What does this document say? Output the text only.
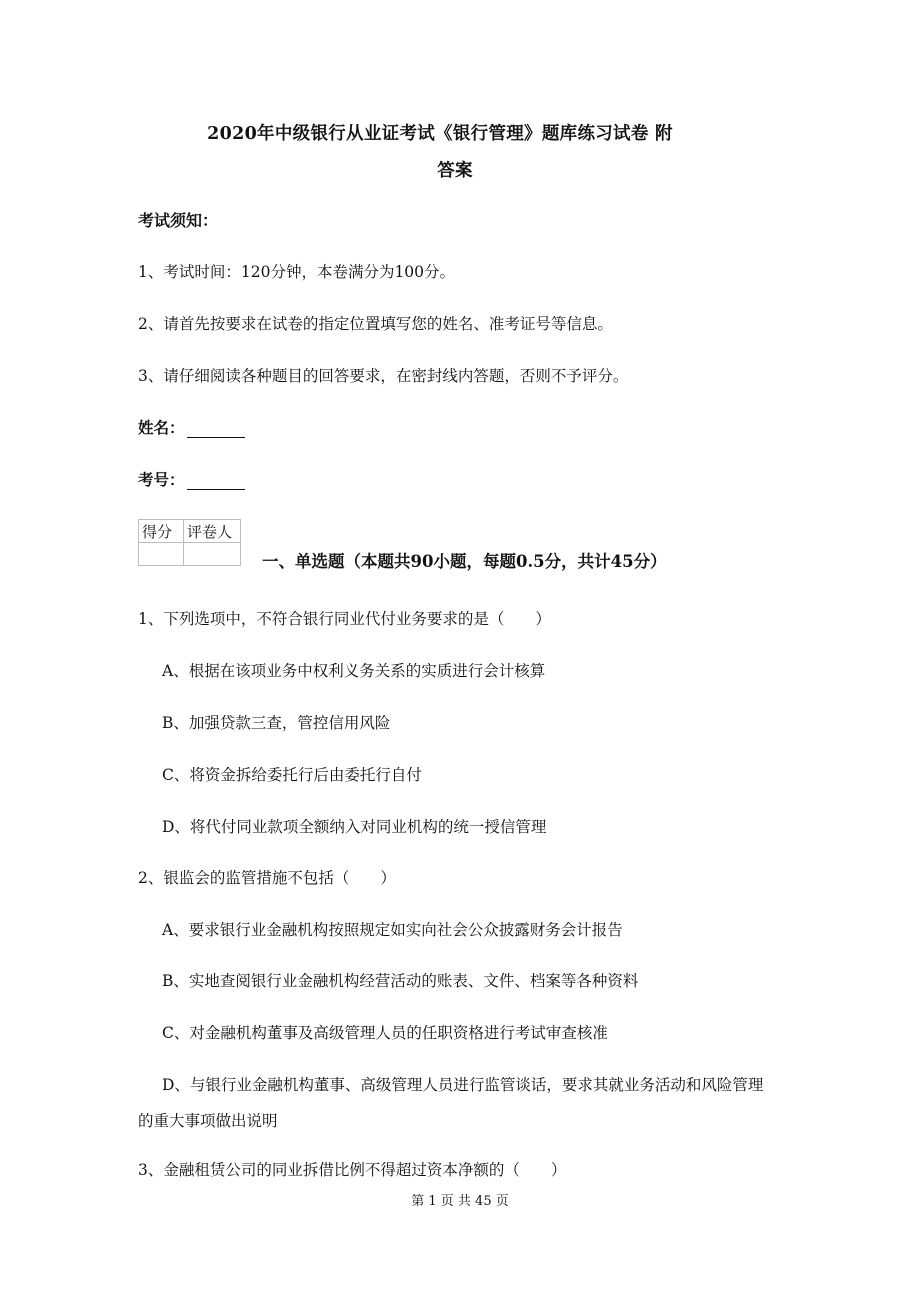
2020年中级银行从业证考试《银行管理》题库练习试卷 附
答案
考试须知：
1、考试时间：120分钟，本卷满分为100分。
2、请首先按要求在试卷的指定位置填写您的姓名、准考证号等信息。
3、请仔细阅读各种题目的回答要求，在密封线内答题，否则不予评分。
姓名：
考号：
得分	评卷人

一、单选题（本题共90小题，每题0.5分，共计45分）
1、下列选项中，不符合银行同业代付业务要求的是（　　）
A、根据在该项业务中权利义务关系的实质进行会计核算
B、加强贷款三查，管控信用风险
C、将资金拆给委托行后由委托行自付
D、将代付同业款项全额纳入对同业机构的统一授信管理
2、银监会的监管措施不包括（　　）
A、要求银行业金融机构按照规定如实向社会公众披露财务会计报告
B、实地查阅银行业金融机构经营活动的账表、文件、档案等各种资料
C、对金融机构董事及高级管理人员的任职资格进行考试审查核准
D、与银行业金融机构董事、高级管理人员进行监管谈话，要求其就业务活动和风险管理
的重大事项做出说明
3、金融租赁公司的同业拆借比例不得超过资本净额的（　　）
第 1 页 共 45 页
